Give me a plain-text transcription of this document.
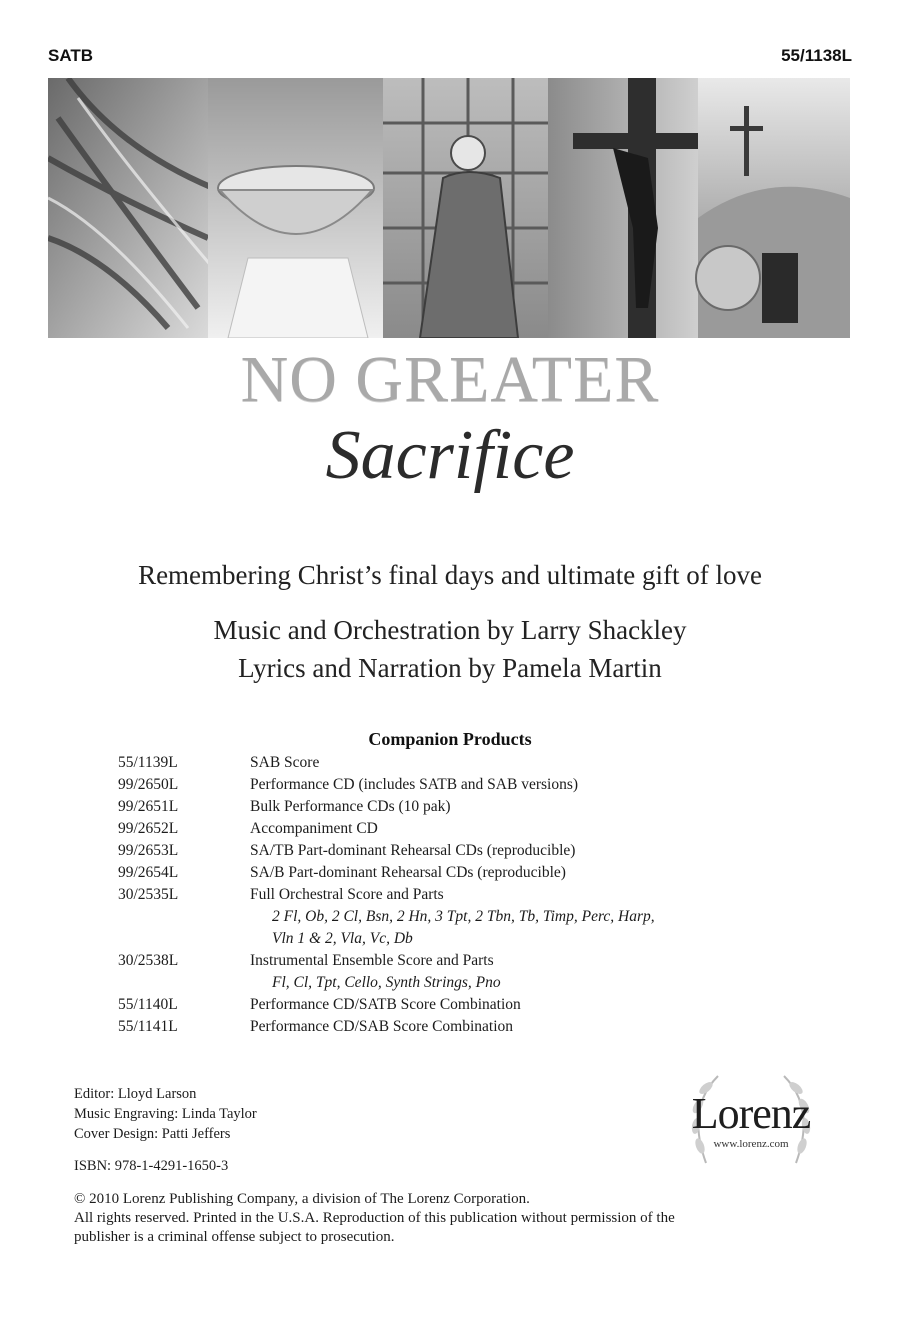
SATB	55/1138L
NO GREATER
Sacrifice
Remembering Christ’s final days and ultimate gift of love
Music and Orchestration by Larry Shackley
Lyrics and Narration by Pamela Martin
Companion Products
55/1139L	SAB Score
99/2650L	Performance CD (includes SATB and SAB versions)
99/2651L	Bulk Performance CDs (10 pak)
99/2652L	Accompaniment CD
99/2653L	SA/TB Part-dominant Rehearsal CDs (reproducible)
99/2654L	SA/B Part-dominant Rehearsal CDs (reproducible)
30/2535L	Full Orchestral Score and Parts
2 Fl, Ob, 2 Cl, Bsn, 2 Hn, 3 Tpt, 2 Tbn, Tb, Timp, Perc, Harp,
Vln 1 & 2, Vla, Vc, Db
30/2538L	Instrumental Ensemble Score and Parts
Fl, Cl, Tpt, Cello, Synth Strings, Pno
55/1140L	Performance CD/SATB Score Combination
55/1141L	Performance CD/SAB Score Combination
Editor: Lloyd Larson
Music Engraving: Linda Taylor
Cover Design: Patti Jeffers
ISBN: 978-1-4291-1650-3
© 2010 Lorenz Publishing Company, a division of The Lorenz Corporation.
All rights reserved. Printed in the U.S.A. Reproduction of this publication without permission of the
publisher is a criminal offense subject to prosecution.
Lorenz
www.lorenz.com
